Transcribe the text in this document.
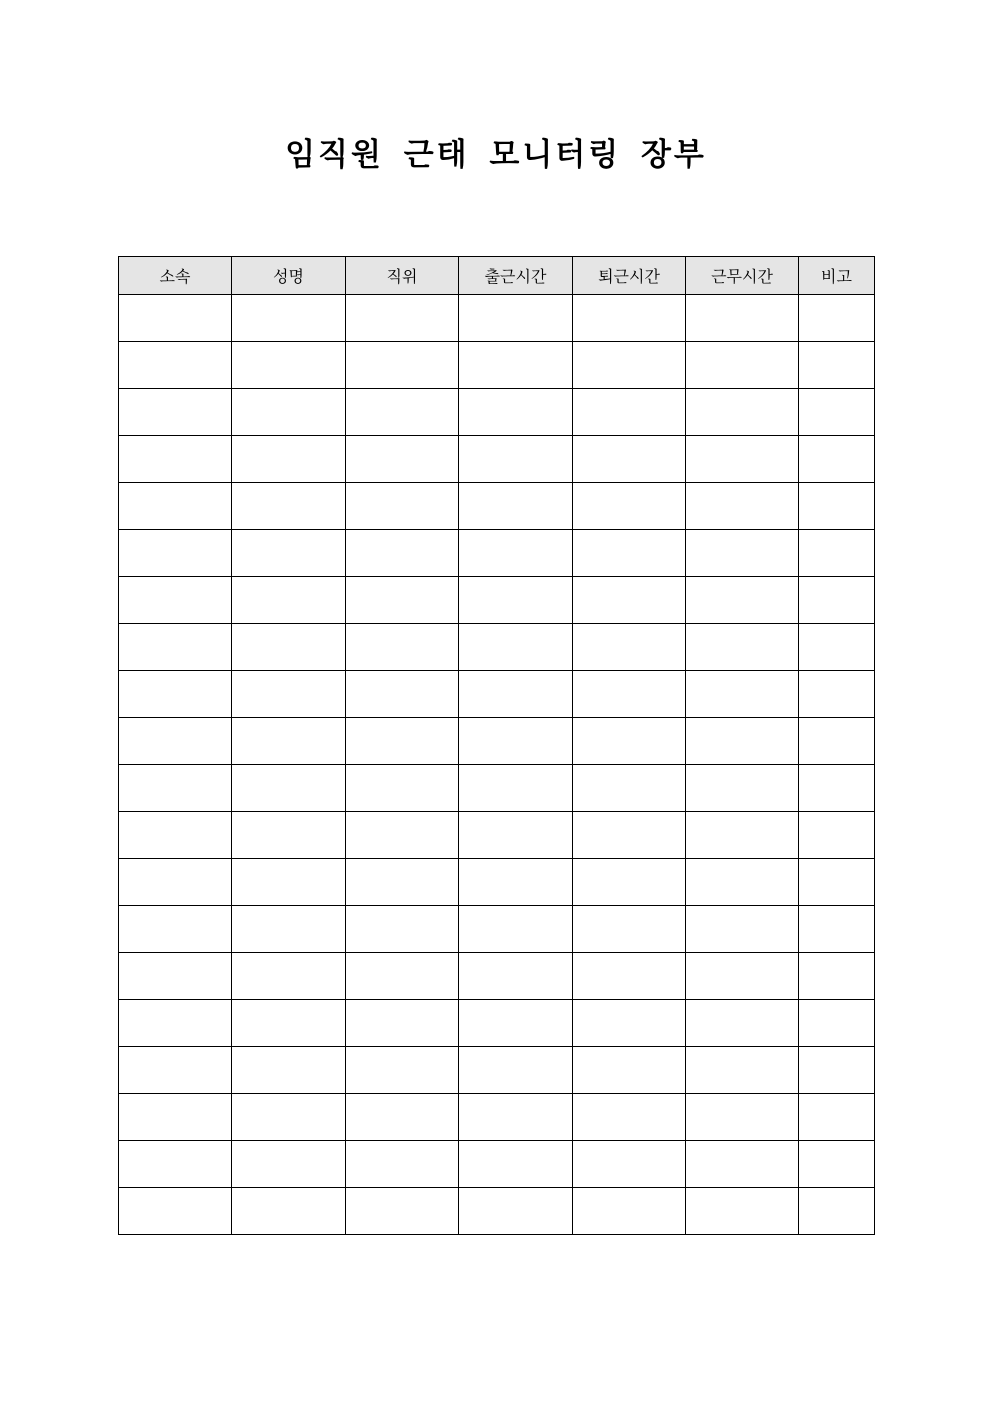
임직원 근태 모니터링 장부
소속	성명	직위	출근시간	퇴근시간	근무시간	비고
